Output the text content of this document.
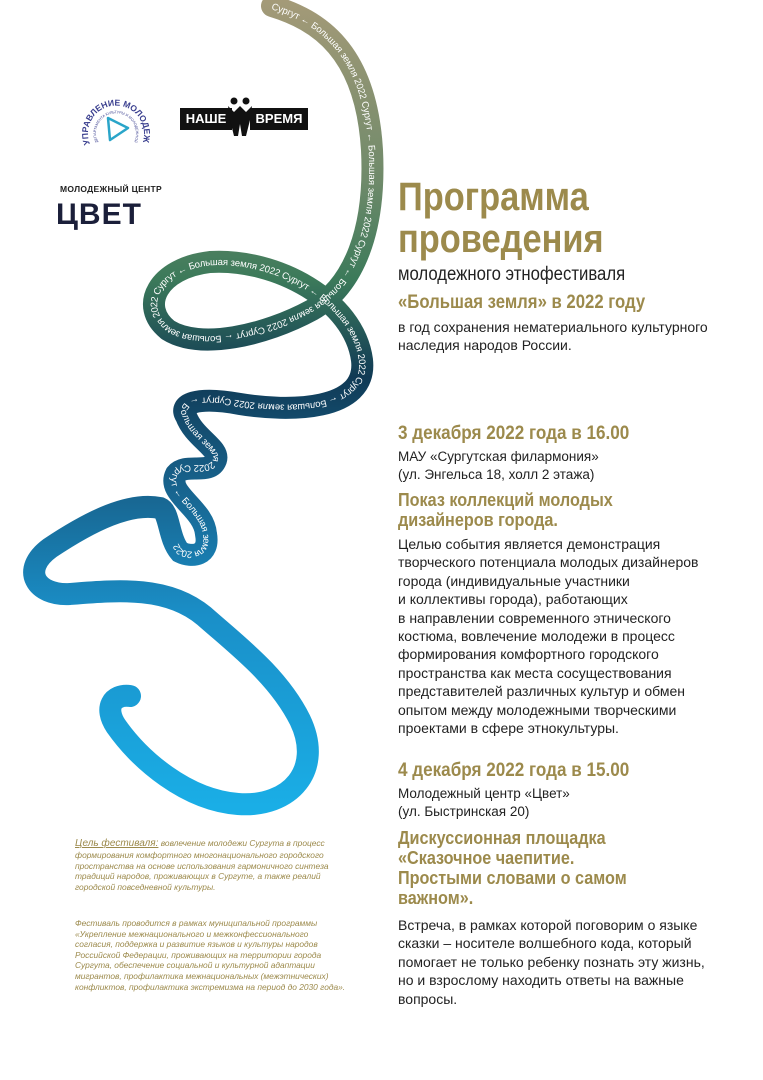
Сургут ← Большая земля 2022 Сургут ← Большая земля 2022 Сургут ← Большая земля 2022 Сургут ← Большая земля 2022 Сургут ← Большая земля 2022 Сургут ← Большая земля 2022 Сургут ← Большая земля 2022 Сургут ← Большая земля 2022 Сургут ← Большая земля 2022
УПРАВЛЕНИЕ МОЛОДЕЖ
ДЕПАРТАМЕНТА КУЛЬТУРЫ И МОЛОДЕЖНОЙ
НАШЕ	ВРЕМЯ
МОЛОДЕЖНЫЙ ЦЕНТР
ЦВЕТ	Программа
проведения
молодежного этнофестиваля
«Большая земля» в 2022 году
в год сохранения нематериального культурного
наследия народов России.
3 декабря 2022 года в 16.00
МАУ «Сургутская филармония»
(ул. Энгельса 18, холл 2 этажа)
Показ коллекций молодых
дизайнеров города.
Целью события является демонстрация
творческого потенциала молодых дизайнеров
города (индивидуальные участники
и коллективы города), работающих
в направлении современного этнического
костюма, вовлечение молодежи в процесс
формирования комфортного городского
пространства как места сосуществования
представителей различных культур и обмен
опытом между молодежными творческими
проектами в сфере этнокультуры.
4 декабря 2022 года в 15.00
Молодежный центр «Цвет»
(ул. Быстринская 20)
Дискуссионная площадка
«Сказочное чаепитие.
Простыми словами о самом
важном».
Встреча, в рамках которой поговорим о языке
сказки – носителе волшебного кода, который
помогает не только ребенку познать эту жизнь,
но и взрослому находить ответы на важные
вопросы.
Цель фестиваля: вовлечение молодежи Сургута в процесс
формирования комфортного многонационального городского
пространства на основе использования гармоничного синтеза
традиций народов, проживающих в Сургуте, а также реалий
городской повседневной культуры.
Фестиваль проводится в рамках муниципальной программы
«Укрепление межнационального и межконфессионального
согласия, поддержка и развитие языков и культуры народов
Российской Федерации, проживающих на территории города
Сургута, обеспечение социальной и культурной адаптации
мигрантов, профилактика межнациональных (межэтнических)
конфликтов, профилактика экстремизма на период до 2030 года».
